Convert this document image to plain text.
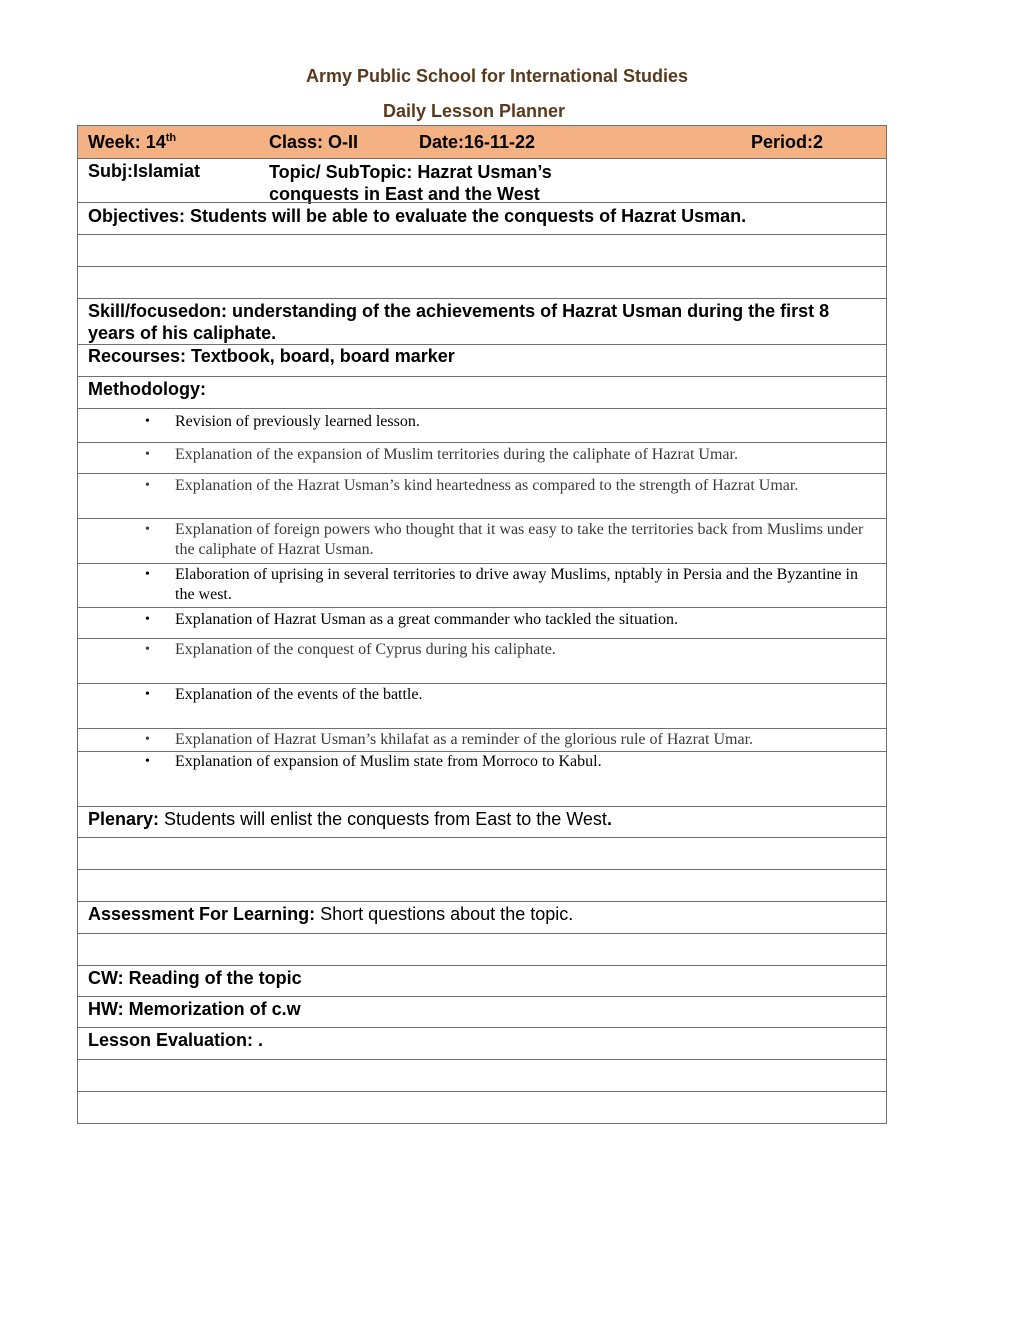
Army Public School for International Studies
Daily Lesson Planner
Week: 14th	Class: O-II	Date:16-11-22	Period:2
Subj:Islamiat	Topic/ SubTopic: Hazrat Usman’s
conquests in East and the West
Objectives: Students will be able to evaluate the conquests of Hazrat Usman.
Skill/focusedon: understanding of the achievements of Hazrat Usman during the first 8 years of his caliphate.
Recourses: Textbook, board, board marker
Methodology:
• Revision of previously learned lesson.
• Explanation of the expansion of Muslim territories during the caliphate of Hazrat Umar.
• Explanation of the Hazrat Usman’s kind heartedness as compared to the strength of Hazrat Umar.
• Explanation of foreign powers who thought that it was easy to take the territories back from Muslims under the caliphate of Hazrat Usman.
• Elaboration of uprising in several territories to drive away Muslims, nptably in Persia and the Byzantine in the west.
• Explanation of Hazrat Usman as a great commander who tackled the situation.
• Explanation of the conquest of Cyprus during his caliphate.
• Explanation of the events of the battle.
• Explanation of Hazrat Usman’s khilafat as a reminder of the glorious rule of Hazrat Umar.
• Explanation of expansion of Muslim state from Morroco to Kabul.
Plenary: Students will enlist the conquests from East to the West.
Assessment For Learning: Short questions about the topic.
CW: Reading of the topic
HW: Memorization of c.w
Lesson Evaluation: .
